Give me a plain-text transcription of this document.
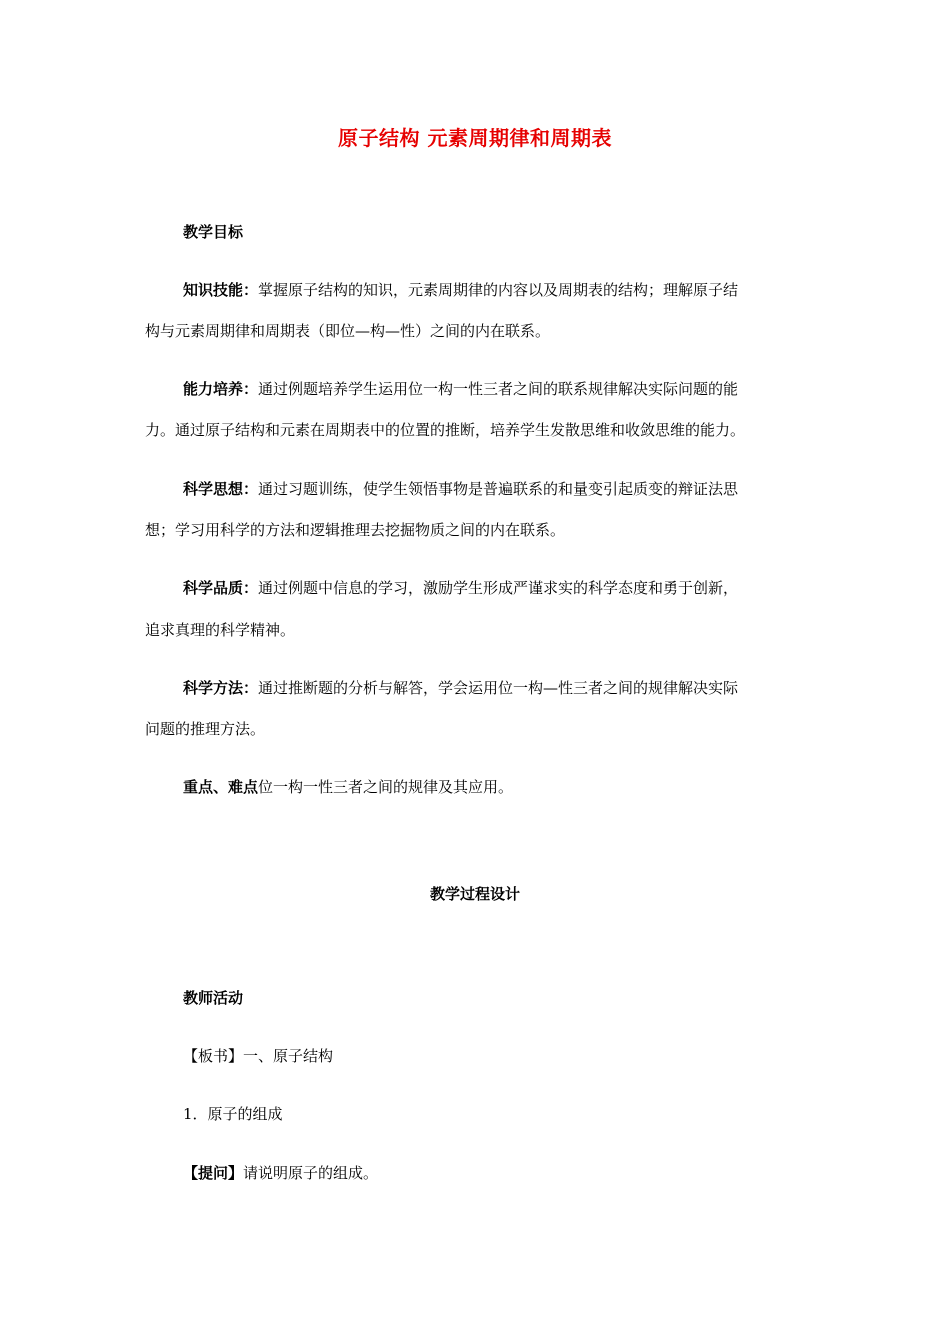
原子结构 元素周期律和周期表
教学目标
知识技能：掌握原子结构的知识，元素周期律的内容以及周期表的结构；理解原子结
构与元素周期律和周期表（即位—构—性）之间的内在联系。
能力培养：通过例题培养学生运用位一构一性三者之间的联系规律解决实际问题的能
力。通过原子结构和元素在周期表中的位置的推断，培养学生发散思维和收敛思维的能力。
科学思想：通过习题训练，使学生领悟事物是普遍联系的和量变引起质变的辩证法思
想；学习用科学的方法和逻辑推理去挖掘物质之间的内在联系。
科学品质：通过例题中信息的学习，激励学生形成严谨求实的科学态度和勇于创新，
追求真理的科学精神。
科学方法：通过推断题的分析与解答，学会运用位一构—性三者之间的规律解决实际
问题的推理方法。
重点、难点位一构一性三者之间的规律及其应用。
教学过程设计
教师活动
【板书】一、原子结构
1．原子的组成
【提问】请说明原子的组成。
